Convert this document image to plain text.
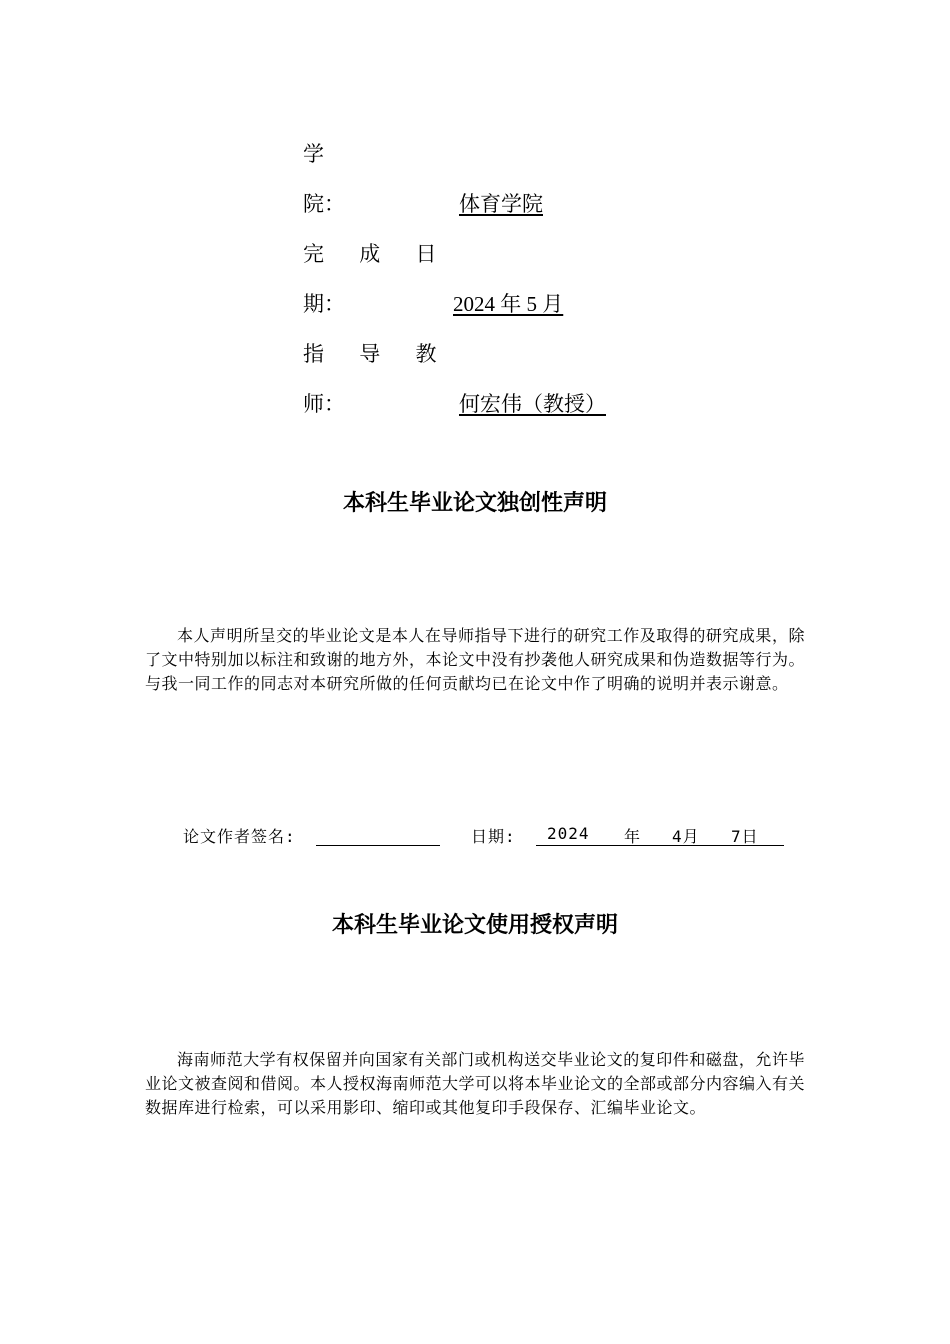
学
院：	体育学院
完 成 日
期：	2024 年 5 月
指 导 教
师：	何宏伟（教授）
本科生毕业论文独创性声明
本人声明所呈交的毕业论文是本人在导师指导下进行的研究工作及取得的研究成果，除了文中特别加以标注和致谢的地方外，本论文中没有抄袭他人研究成果和伪造数据等行为。与我一同工作的同志对本研究所做的任何贡献均已在论文中作了明确的说明并表示谢意。
论文作者签名:	日期: 2024 年 4月 7日
本科生毕业论文使用授权声明
海南师范大学有权保留并向国家有关部门或机构送交毕业论文的复印件和磁盘，允许毕业论文被查阅和借阅。本人授权海南师范大学可以将本毕业论文的全部或部分内容编入有关数据库进行检索，可以采用影印、缩印或其他复印手段保存、汇编毕业论文。
